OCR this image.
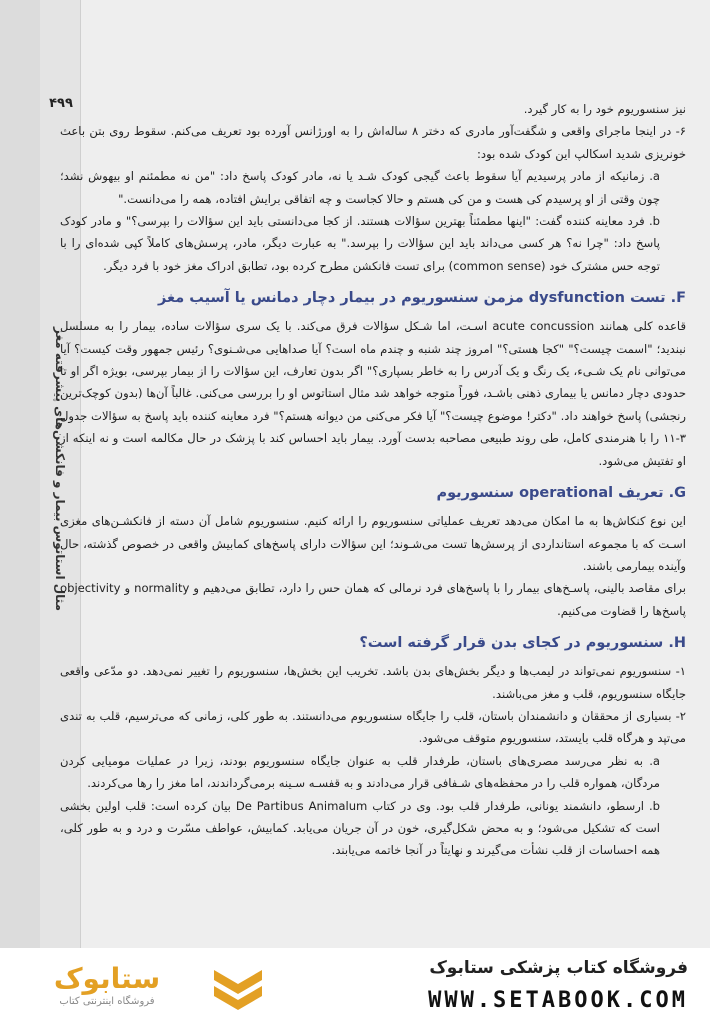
۴۹۹
مثال استاتوس بیمار و فانکشن‌های پیشرفته مغز

نیز سنسوریوم خود را به کار گیرد.

۶- در اینجا ماجرای واقعی و شگفت‌آور مادری که دختر ۸ ساله‌اش را به اورژانس آورده بود تعریف می‌کنم. سقوط روی بتن باعث خونریزی شدید اسکالپ این کودک شده بود:

a. زمانیکه از مادر پرسیدیم آیا سقوط باعث گیجی کودک شـد یا نه، مادر کودک پاسخ داد: "من نه مطمئنم او بیهوش نشد؛ چون وقتی از او پرسیدم کی هست و من کی هستم و حالا کجاست و چه اتفاقی برایش افتاده، همه را می‌دانست."

b. فرد معاینه کننده گفت: "اینها مطمئناً بهترین سؤالات هستند. از کجا می‌دانستی باید این سؤالات را بپرسی؟" و مادر کودک پاسخ داد: "چرا نه؟ هر کسی می‌داند باید این سؤالات را بپرسد." به عبارت دیگر، مادر، پرسش‌های کاملاً کپی شده‌ای را با توجه حس مشترک خود (common sense) برای تست فانکشن مطرح کرده بود، تطابق ادراک مغز خود با فرد دیگر.

F. تست dysfunction مزمن سنسوریوم در بیمار دچار دمانس یا آسیب مغز

قاعده کلی همانند acute concussion اسـت، اما شـکل سؤالات فرق می‌کند. با یک سری سؤالات ساده، بیمار را به مسلسل نبندید؛ "اسمت چیست؟" "کجا هستی؟" امروز چند شنبه و چندم ماه است؟ آیا صداهایی می‌شـنوی؟ رئیس جمهور وقت کیست؟ آیا می‌توانی نام یک شـیء، یک رنگ و یک آدرس را به خاطر بسپاری؟" اگر بدون تعارف، این سؤالات را از بیمار بپرسی، بویژه اگر او تا حدودی دچار دمانس یا بیماری ذهنی باشـد، فوراً متوجه خواهد شد مثال استاتوس او را بررسی می‌کنی. غالباً آن‌ها (بدون کوچک‌ترین رنجشی) پاسخ خواهند داد. "دکتر! موضوع چیست؟" آیا فکر می‌کنی من دیوانه هستم؟" فرد معاینه کننده باید پاسخ به سؤالات جدول ۳-۱۱ را با هنرمندی کامل، طی روند طبیعی مصاحبه بدست آورد. بیمار باید احساس کند با پزشک در حال مکالمه است و نه اینکه از او تفتیش می‌شود.

G. تعریف operational سنسوریوم

این نوع کنکاش‌ها به ما امکان می‌دهد تعریف عملیاتی سنسوریوم را ارائه کنیم. سنسوریوم شامل آن دسته از فانکشـن‌های مغزی اسـت که با مجموعه استانداردی از پرسش‌ها تست می‌شـوند؛ این سؤالات دارای پاسخ‌های کمابیش واقعی در خصوص گذشته، حال وآینده بیمارمی باشند.

برای مقاصد بالینی، پاسـخ‌های بیمار را با پاسخ‌های فرد نرمالی که همان حس را دارد، تطابق می‌دهیم و normality و objectivity پاسخ‌ها را قضاوت می‌کنیم.

H. سنسوریوم در کجای بدن قرار گرفته است؟

۱- سنسوریوم نمی‌تواند در لیمب‌ها و دیگر بخش‌های بدن باشد. تخریب این بخش‌ها، سنسوریوم را تغییر نمی‌دهد. دو مدّعی واقعی جایگاه سنسوریوم، قلب و مغز می‌باشند.

۲- بسیاری از محققان و دانشمندان باستان، قلب را جایگاه سنسوریوم می‌دانستند. به طور کلی، زمانی که می‌ترسیم، قلب به تندی می‌تپد و هرگاه قلب بایستد، سنسوریوم متوقف می‌شود.

a. به نظر می‌رسد مصری‌های باستان، طرفدار قلب به عنوان جایگاه سنسوریوم بودند، زیرا در عملیات مومیایی کردن مردگان، همواره قلب را در محفظه‌های شـفافی قرار می‌دادند و به قفسـه سـینه برمی‌گرداندند، اما مغز را رها می‌کردند.

b. ارسطو، دانشمند یونانی، طرفدار قلب بود. وی در کتاب De Partibus Animalum بیان کرده است: قلب اولین بخشی است که تشکیل می‌شود؛ و به محض شکل‌گیری، خون در آن جریان می‌یابد. کمابیش، عواطف مسّرت و درد و به طور کلی، همه احساسات از قلب نشأت می‌گیرند و نهایتاً در آنجا خاتمه می‌یابند.

ستابوک
فروشگاه اینترنتی کتاب
فروشگاه کتاب پزشکی ستابوک
WWW.SETABOOK.COM
